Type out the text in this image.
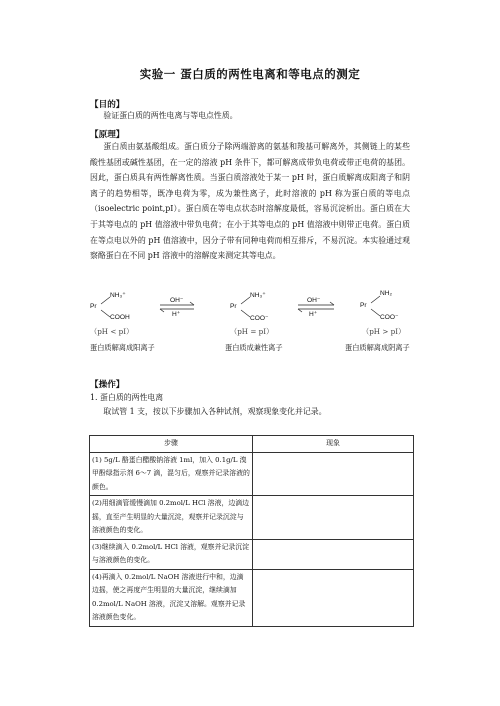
实验一 蛋白质的两性电离和等电点的测定
【目的】

验证蛋白质的两性电离与等电点性质。

【原理】

蛋白质由氨基酸组成。蛋白质分子除两端游离的氨基和羧基可解离外，其侧链上的某些酸性基团或碱性基团，在一定的溶液 pH 条件下，都可解离成带负电荷或带正电荷的基团。因此，蛋白质具有两性解离性质。当蛋白质溶液处于某一 pH 时，蛋白质解离成阳离子和阴离子的趋势相等，既净电荷为零，成为兼性离子，此时溶液的 pH 称为蛋白质的等电点（isoelectric point,pI）。蛋白质在等电点状态时溶解度最低，容易沉淀析出。蛋白质在大于其等电点的 pH 值溶液中带负电荷；在小于其等电点的 pH 值溶液中则带正电荷。蛋白质在等点电以外的 pH 值溶液中，因分子带有同种电荷而相互排斥，不易沉淀。本实验通过观察酪蛋白在不同 pH 溶液中的溶解度来测定其等电点。

Pr
NH₃⁺
COOH
OH⁻
H⁺
Pr
NH₃⁺
COO⁻
OH⁻
H⁺
Pr
NH₂
COO⁻
（pH < pI）	（pH = pI）	（pH > pI）
蛋白质解离成阳离子	蛋白质成兼性离子	蛋白质解离成阴离子
【操作】
1. 蛋白质的两性电离
取试管 1 支，按以下步骤加入各种试剂，观察现象变化并记录。
步骤	现象
(1) 5g/L 酪蛋白醋酸钠溶液 1ml，加入 0.1g/L 溴甲酚绿指示剂 6～7 滴，混匀后，观察并记录溶液的颜色。	
(2)用细滴管缓慢滴加 0.2mol/L HCl 溶液，边滴边摇，直至产生明显的大量沉淀，观察并记录沉淀与溶液颜色的变化。	
(3)继续滴入 0.2mol/L HCl 溶液，观察并记录沉淀与溶液颜色的变化。	
(4)再滴入 0.2mol/L NaOH 溶液进行中和，边滴边摇，使之再度产生明显的大量沉淀，继续滴加 0.2mol/L NaOH 溶液，沉淀又溶解。观察并记录溶液颜色变化。	
